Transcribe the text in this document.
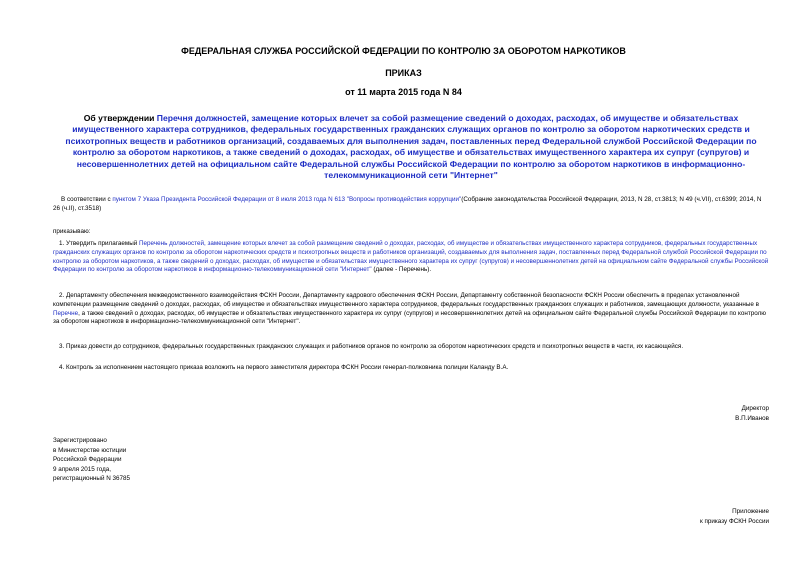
ФЕДЕРАЛЬНАЯ СЛУЖБА РОССИЙСКОЙ ФЕДЕРАЦИИ ПО КОНТРОЛЮ ЗА ОБОРОТОМ НАРКОТИКОВ
ПРИКАЗ
от 11 марта 2015 года N 84
Об утверждении Перечня должностей, замещение которых влечет за собой размещение сведений о доходах, расходах, об имуществе и обязательствах имущественного характера сотрудников, федеральных государственных гражданских служащих органов по контролю за оборотом наркотических средств и психотропных веществ и работников организаций, создаваемых для выполнения задач, поставленных перед Федеральной службой Российской Федерации по контролю за оборотом наркотиков, а также сведений о доходах, расходах, об имуществе и обязательствах имущественного характера их супруг (супругов) и несовершеннолетних детей на официальном сайте Федеральной службы Российской Федерации по контролю за оборотом наркотиков в информационно-телекоммуникационной сети "Интернет"
В соответствии с пунктом 7 Указа Президента Российской Федерации от 8 июля 2013 года N 613 "Вопросы противодействия коррупции"(Собрание законодательства Российской Федерации, 2013, N 28, ст.3813; N 49 (ч.VII), ст.6399; 2014, N 26 (ч.II), ст.3518)
приказываю:
1. Утвердить прилагаемый Перечень должностей, замещение которых влечет за собой размещение сведений о доходах, расходах, об имуществе и обязательствах имущественного характера сотрудников, федеральных государственных гражданских служащих органов по контролю за оборотом наркотических средств и психотропных веществ и работников организаций, создаваемых для выполнения задач, поставленных перед Федеральной службой Российской Федерации по контролю за оборотом наркотиков, а также сведений о доходах, расходах, об имуществе и обязательствах имущественного характера их супруг (супругов) и несовершеннолетних детей на официальном сайте Федеральной службы Российской Федерации по контролю за оборотом наркотиков в информационно-телекоммуникационной сети "Интернет" (далее - Перечень).
2. Департаменту обеспечения межведомственного взаимодействия ФСКН России, Департаменту кадрового обеспечения ФСКН России, Департаменту собственной безопасности ФСКН России обеспечить в пределах установленной компетенции размещение сведений о доходах, расходах, об имуществе и обязательствах имущественного характера сотрудников, федеральных государственных гражданских служащих и работников, замещающих должности, указанные в Перечне, а также сведений о доходах, расходах, об имуществе и обязательствах имущественного характера их супруг (супругов) и несовершеннолетних детей на официальном сайте Федеральной службы Российской Федерации по контролю за оборотом наркотиков в информационно-телекоммуникационной сети "Интернет".
3. Приказ довести до сотрудников, федеральных государственных гражданских служащих и работников органов по контролю за оборотом наркотических средств и психотропных веществ в части, их касающейся.
4. Контроль за исполнением настоящего приказа возложить на первого заместителя директора ФСКН России генерал-полковника полиции Каланду В.А.
Директор
В.П.Иванов
Зарегистрировано
в Министерстве юстиции
Российской Федерации
9 апреля 2015 года,
регистрационный N 36785
Приложение
к приказу ФСКН России
